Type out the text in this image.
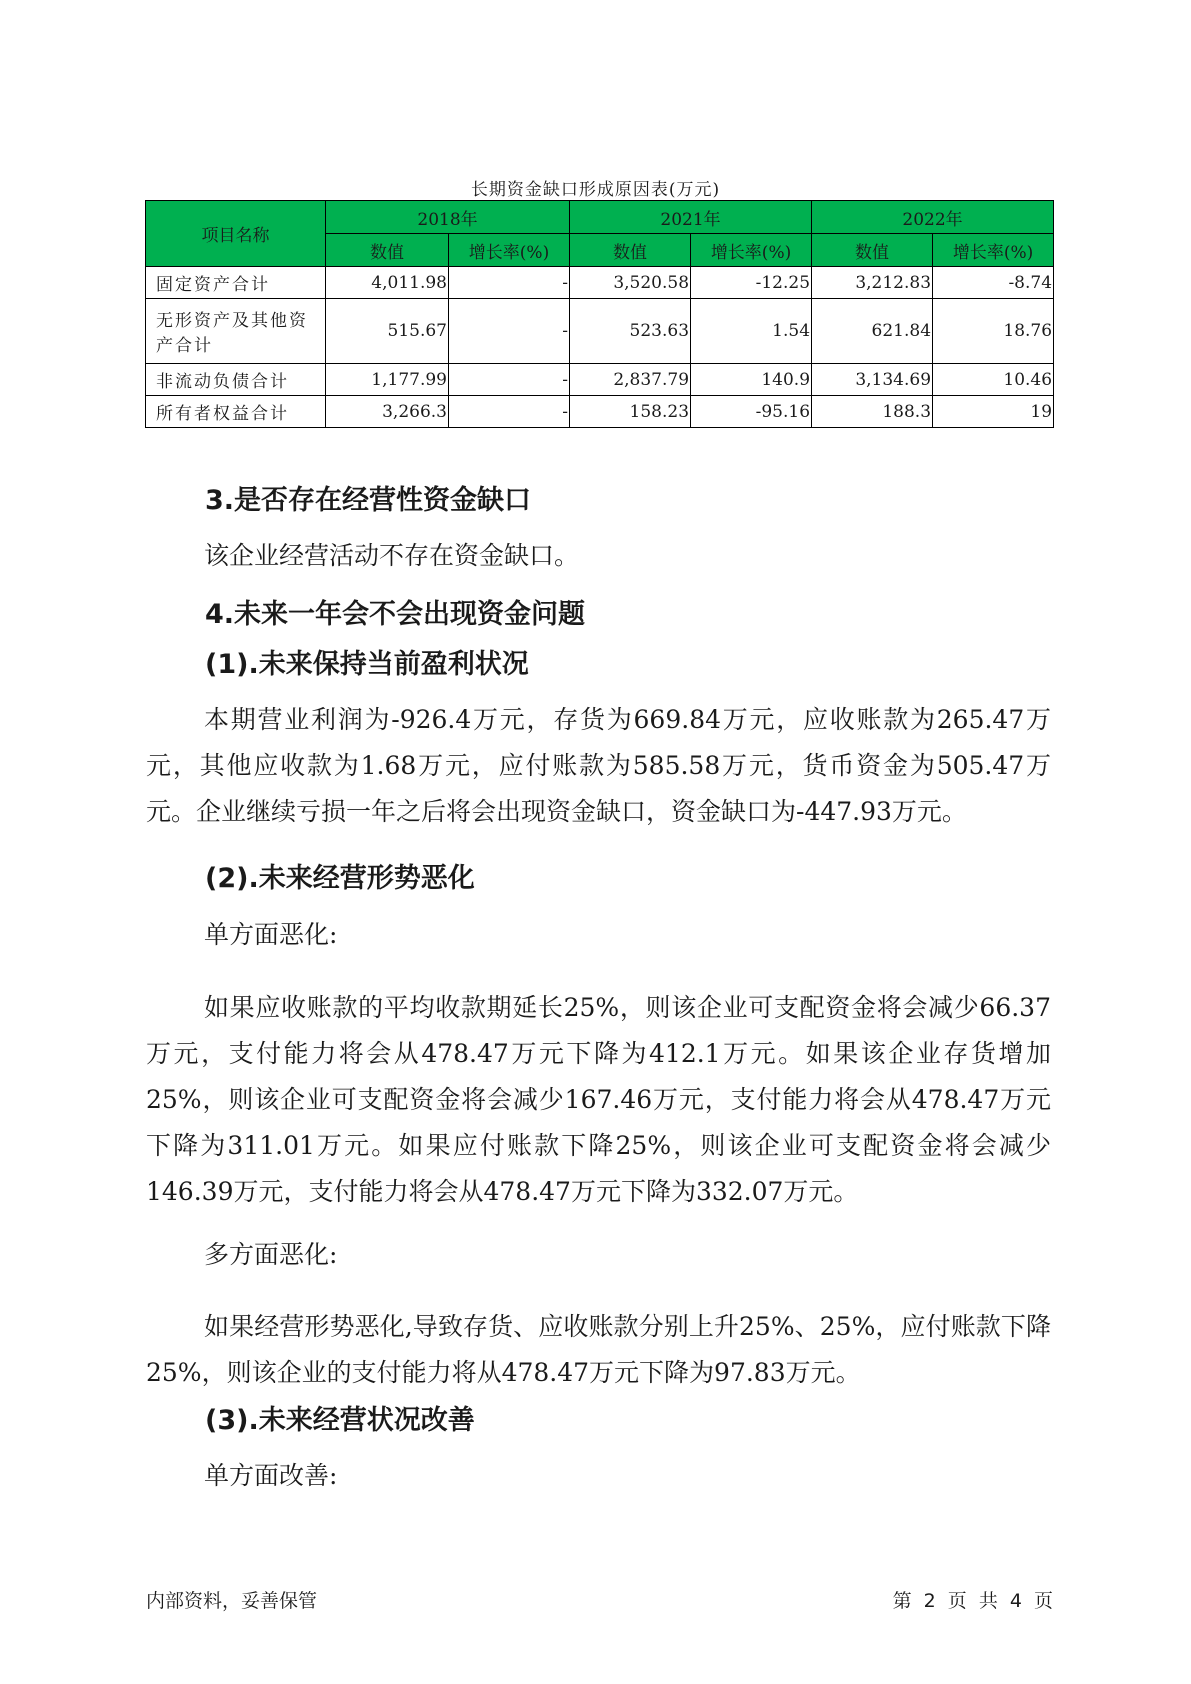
长期资金缺口形成原因表(万元)
项目名称	2018年		2021年		2022年	
	数值	增长率(%)	数值	增长率(%)	数值	增长率(%)
固定资产合计	4,011.98	-	3,520.58	-12.25	3,212.83	-8.74
无形资产及其他资产合计	515.67	-	523.63	1.54	621.84	18.76
非流动负债合计	1,177.99	-	2,837.79	140.9	3,134.69	10.46
所有者权益合计	3,266.3	-	158.23	-95.16	188.3	19
3.是否存在经营性资金缺口

该企业经营活动不存在资金缺口。

4.未来一年会不会出现资金问题
(1).未来保持当前盈利状况

本期营业利润为-926.4万元，存货为669.84万元，应收账款为265.47万元，其他应收款为1.68万元，应付账款为585.58万元，货币资金为505.47万元。企业继续亏损一年之后将会出现资金缺口，资金缺口为-447.93万元。

(2).未来经营形势恶化

单方面恶化:

如果应收账款的平均收款期延长25%，则该企业可支配资金将会减少66.37万元，支付能力将会从478.47万元下降为412.1万元。如果该企业存货增加25%，则该企业可支配资金将会减少167.46万元，支付能力将会从478.47万元下降为311.01万元。如果应付账款下降25%，则该企业可支配资金将会减少146.39万元，支付能力将会从478.47万元下降为332.07万元。

多方面恶化:

如果经营形势恶化,导致存货、应收账款分别上升25%、25%，应付账款下降25%，则该企业的支付能力将从478.47万元下降为97.83万元。

(3).未来经营状况改善

单方面改善:

内部资料，妥善保管	第 2 页 共 4 页
